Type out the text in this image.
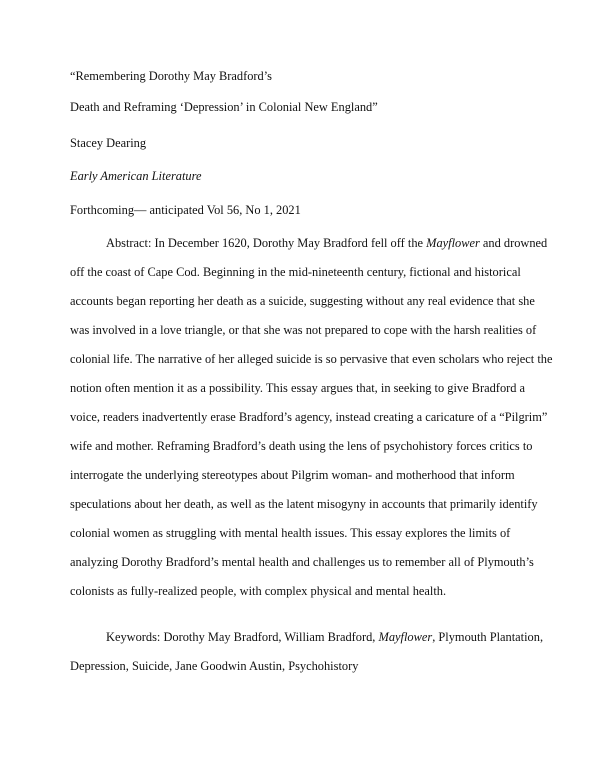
“Remembering Dorothy May Bradford’s
Death and Reframing ‘Depression’ in Colonial New England”
Stacey Dearing
Early American Literature
Forthcoming— anticipated Vol 56, No 1, 2021
Abstract: In December 1620, Dorothy May Bradford fell off the Mayflower and drowned
off the coast of Cape Cod. Beginning in the mid-nineteenth century, fictional and historical
accounts began reporting her death as a suicide, suggesting without any real evidence that she
was involved in a love triangle, or that she was not prepared to cope with the harsh realities of
colonial life. The narrative of her alleged suicide is so pervasive that even scholars who reject the
notion often mention it as a possibility. This essay argues that, in seeking to give Bradford a
voice, readers inadvertently erase Bradford’s agency, instead creating a caricature of a “Pilgrim”
wife and mother. Reframing Bradford’s death using the lens of psychohistory forces critics to
interrogate the underlying stereotypes about Pilgrim woman- and motherhood that inform
speculations about her death, as well as the latent misogyny in accounts that primarily identify
colonial women as struggling with mental health issues. This essay explores the limits of
analyzing Dorothy Bradford’s mental health and challenges us to remember all of Plymouth’s
colonists as fully-realized people, with complex physical and mental health.
Keywords: Dorothy May Bradford, William Bradford, Mayflower, Plymouth Plantation,
Depression, Suicide, Jane Goodwin Austin, Psychohistory
